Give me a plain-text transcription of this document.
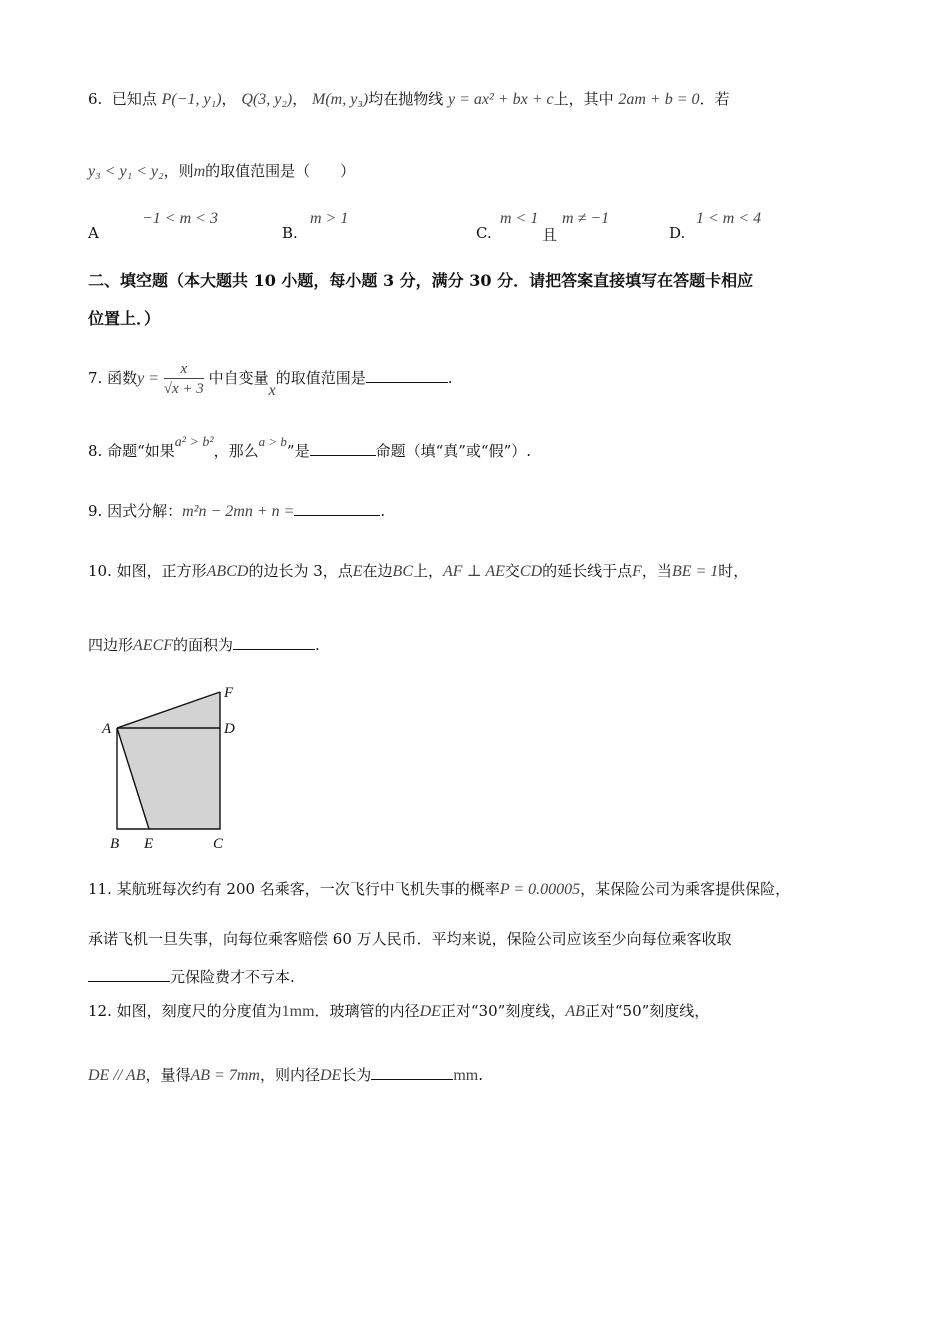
6. 已知点 P(−1, y₁)， Q(3, y₂)， M(m, y₃)均在抛物线 y = ax² + bx + c上，其中 2am + b = 0．若
y₃ < y₁ < y₂，则m的取值范围是（　　）
A
−1 < m < 3
B.
m > 1
C.
m < 1
且
m ≠ −1
D.
1 < m < 4
二、填空题（本大题共 10 小题，每小题 3 分，满分 30 分．请把答案直接填写在答题卡相应
位置上．）
7. 函数$y = \frac{x}{√x + 3}$ 中自变量x的取值范围是	.
8. 命题“如果a² > b²，那么a > b”是	命题（填“真”或“假”）.
9. 因式分解：m²n − 2mn + n =	.
10. 如图，正方形ABCD的边长为 3，点E在边BC上，AF ⊥ AE交CD的延长线于点F，当BE = 1时，
四边形AECF的面积为	.
A
B	C
D
E
F
11. 某航班每次约有 200 名乘客，一次飞行中飞机失事的概率P = 0.00005，某保险公司为乘客提供保险，
承诺飞机一旦失事，向每位乘客赔偿 60 万人民币．平均来说，保险公司应该至少向每位乘客收取
元保险费才不亏本.
12. 如图，刻度尺的分度值为1mm．玻璃管的内径DE正对“30”刻度线，AB正对“50”刻度线，
DE // AB，量得AB = 7mm，则内径DE长为	mm.
